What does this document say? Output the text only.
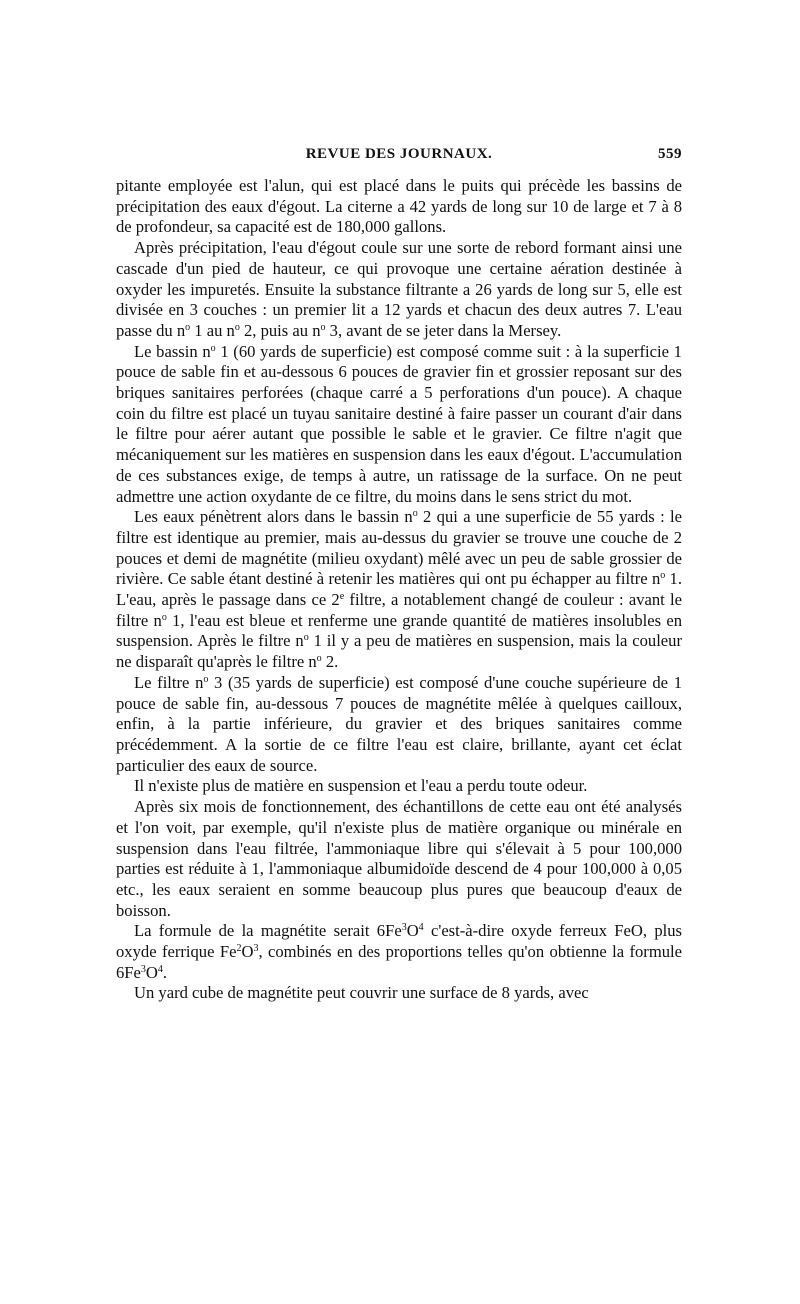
REVUE DES JOURNAUX.	559

pitante employée est l'alun, qui est placé dans le puits qui précède les bassins de précipitation des eaux d'égout. La citerne a 42 yards de long sur 10 de large et 7 à 8 de profondeur, sa capacité est de 180,000 gallons.

Après précipitation, l'eau d'égout coule sur une sorte de rebord formant ainsi une cascade d'un pied de hauteur, ce qui provoque une certaine aération destinée à oxyder les impuretés. Ensuite la substance filtrante a 26 yards de long sur 5, elle est divisée en 3 couches : un premier lit a 12 yards et chacun des deux autres 7. L'eau passe du $n^o$ 1 au $n^o$ 2, puis au $n^o$ 3, avant de se jeter dans la Mersey.

Le bassin $n^o$ 1 (60 yards de superficie) est composé comme suit : à la superficie 1 pouce de sable fin et au-dessous 6 pouces de gravier fin et grossier reposant sur des briques sanitaires perforées (chaque carré a 5 perforations d'un pouce). A chaque coin du filtre est placé un tuyau sanitaire destiné à faire passer un courant d'air dans le filtre pour aérer autant que possible le sable et le gravier. Ce filtre n'agit que mécaniquement sur les matières en suspension dans les eaux d'égout. L'accumulation de ces substances exige, de temps à autre, un ratissage de la surface. On ne peut admettre une action oxydante de ce filtre, du moins dans le sens strict du mot.

Les eaux pénètrent alors dans le bassin $n^o$ 2 qui a une superficie de 55 yards : le filtre est identique au premier, mais au-dessus du gravier se trouve une couche de 2 pouces et demi de magnétite (milieu oxydant) mêlé avec un peu de sable grossier de rivière. Ce sable étant destiné à retenir les matières qui ont pu échapper au filtre $n^o$ 1. L'eau, après le passage dans ce 2e filtre, a notablement changé de couleur : avant le filtre $n^o$ 1, l'eau est bleue et renferme une grande quantité de matières insolubles en suspension. Après le filtre $n^o$ 1 il y a peu de matières en suspension, mais la couleur ne disparaît qu'après le filtre $n^o$ 2.

Le filtre $n^o$ 3 (35 yards de superficie) est composé d'une couche supérieure de 1 pouce de sable fin, au-dessous 7 pouces de magnétite mêlée à quelques cailloux, enfin, à la partie inférieure, du gravier et des briques sanitaires comme précédemment. A la sortie de ce filtre l'eau est claire, brillante, ayant cet éclat particulier des eaux de source.

Il n'existe plus de matière en suspension et l'eau a perdu toute odeur.

Après six mois de fonctionnement, des échantillons de cette eau ont été analysés et l'on voit, par exemple, qu'il n'existe plus de matière organique ou minérale en suspension dans l'eau filtrée, l'ammoniaque libre qui s'élevait à 5 pour 100,000 parties est réduite à 1, l'ammoniaque albumidoïde descend de 4 pour 100,000 à 0,05 etc., les eaux seraient en somme beaucoup plus pures que beaucoup d'eaux de boisson.

La formule de la magnétite serait $6Fe^3O^4$ c'est-à-dire oxyde ferreux FeO, plus oxyde ferrique $Fe^2O^3$, combinés en des proportions telles qu'on obtienne la formule $6Fe^3O^4$.

Un yard cube de magnétite peut couvrir une surface de 8 yards, avec
